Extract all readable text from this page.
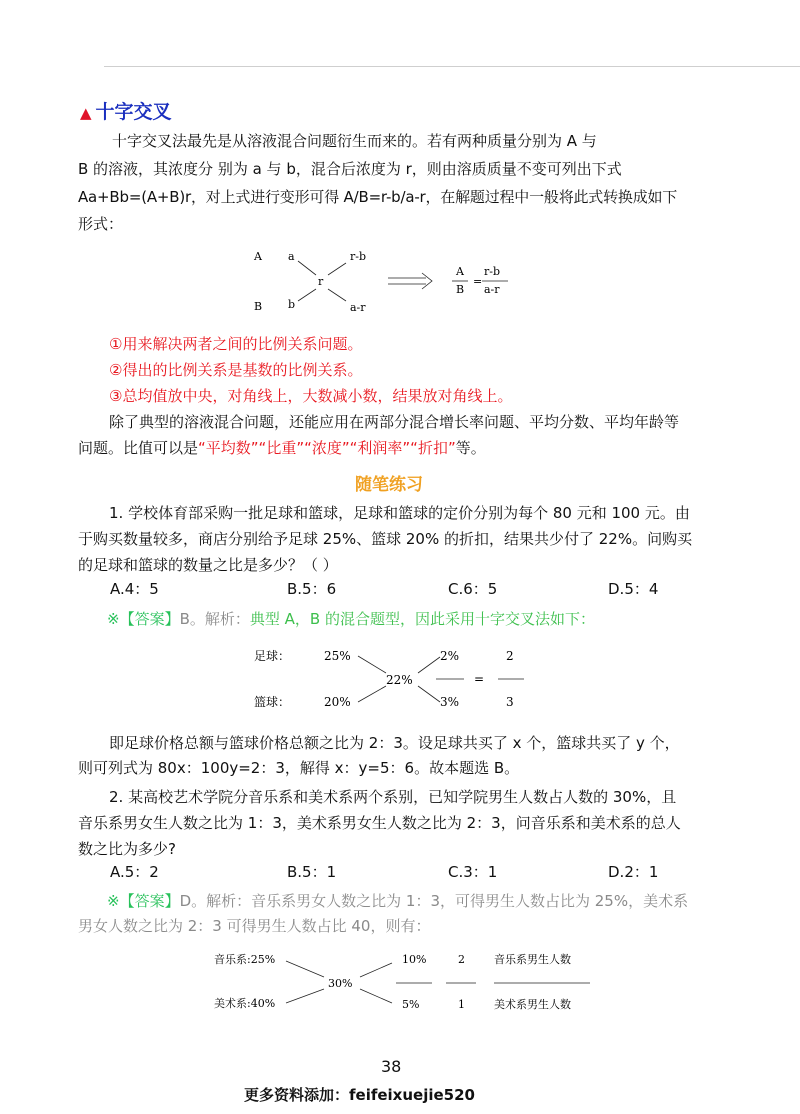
▲ 十字交叉
十字交叉法最先是从溶液混合问题衍生而来的。若有两种质量分别为 A 与
B 的溶液，其浓度分 别为 a 与 b，混合后浓度为 r，则由溶质质量不变可列出下式
Aa+Bb=(A+B)r，对上式进行变形可得 A/B=r-b/a-r，在解题过程中一般将此式转换成如下
形式：
A
B
a
b
r
r-b
a-r
A
B
=
r-b
a-r
①用来解决两者之间的比例关系问题。
②得出的比例关系是基数的比例关系。
③总均值放中央，对角线上，大数减小数，结果放对角线上。
除了典型的溶液混合问题，还能应用在两部分混合增长率问题、平均分数、平均年龄等
问题。比值可以是“平均数”“比重”“浓度”“利润率”“折扣”等。
随笔练习
1. 学校体育部采购一批足球和篮球，足球和篮球的定价分别为每个 80 元和 100 元。由
于购买数量较多，商店分别给予足球 25%、篮球 20% 的折扣，结果共少付了 22%。问购买
的足球和篮球的数量之比是多少？（ ）
A.4：5	B.5：6	C.6：5	D.5：4
※【答案】B。解析：典型 A，B 的混合题型，因此采用十字交叉法如下：
足球：
篮球：
25%
20%
22%
2%
3%
=
2
3
即足球价格总额与篮球价格总额之比为 2：3。设足球共买了 x 个，篮球共买了 y 个，
则可列式为 80x：100y=2：3，解得 x：y=5：6。故本题选 B。
2. 某高校艺术学院分音乐系和美术系两个系别，已知学院男生人数占人数的 30%，且
音乐系男女生人数之比为 1：3，美术系男女生人数之比为 2：3，问音乐系和美术系的总人
数之比为多少?
A.5：2	B.5：1	C.3：1	D.2：1
※【答案】D。解析：音乐系男女人数之比为 1：3，可得男生人数占比为 25%，美术系
男女人数之比为 2：3 可得男生人数占比 40，则有：
音乐系:25%
美术系:40%
30%
10%
5%
2
1
音乐系男生人数
美术系男生人数
38
更多资料添加：feifeixuejie520
